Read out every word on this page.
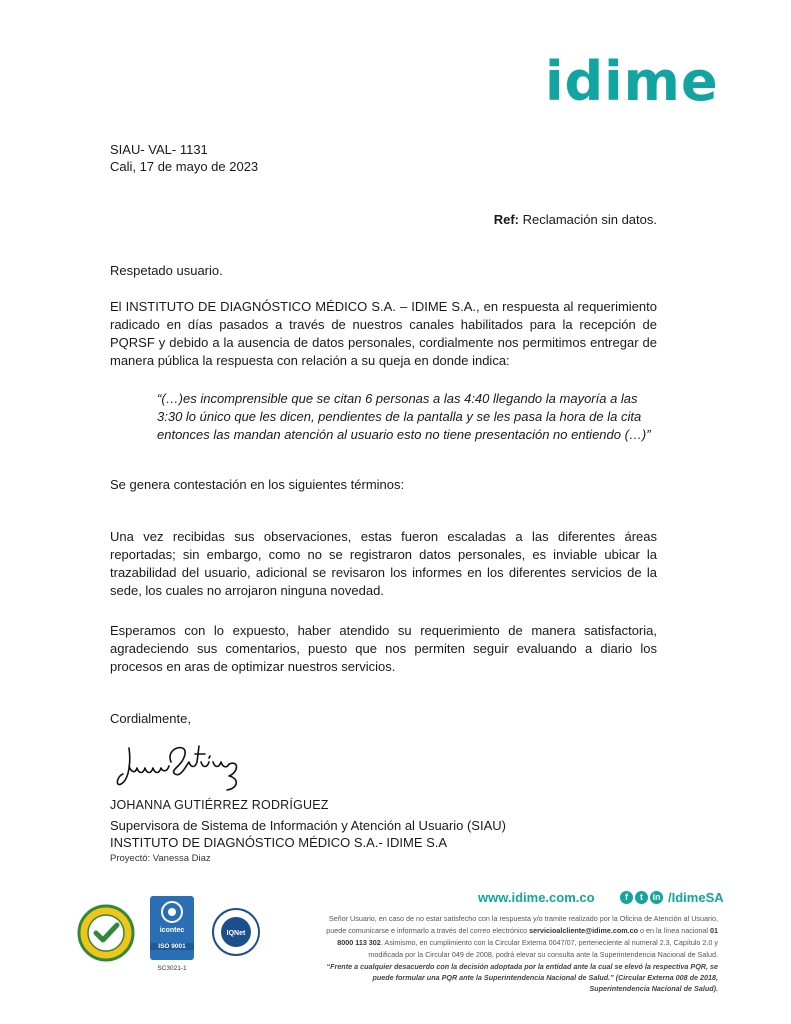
idime
SIAU- VAL- 1131
Cali, 17 de mayo de 2023
Ref: Reclamación sin datos.
Respetado usuario.
El INSTITUTO DE DIAGNÓSTICO MÉDICO S.A. – IDIME S.A., en respuesta al requerimiento radicado en días pasados a través de nuestros canales habilitados para la recepción de PQRSF y debido a la ausencia de datos personales, cordialmente nos permitimos entregar de manera pública la respuesta con relación a su queja en donde indica:
“(…)es incomprensible que se citan 6 personas a las 4:40 llegando la mayoría a las 3:30 lo único que les dicen, pendientes de la pantalla y se les pasa la hora de la cita entonces las mandan atención al usuario esto no tiene presentación no entiendo (…)”
Se genera contestación en los siguientes términos:
Una vez recibidas sus observaciones, estas fueron escaladas a las diferentes áreas reportadas; sin embargo, como no se registraron datos personales, es inviable ubicar la trazabilidad del usuario, adicional se revisaron los informes en los diferentes servicios de la sede, los cuales no arrojaron ninguna novedad.
Esperamos con lo expuesto, haber atendido su requerimiento de manera satisfactoria, agradeciendo sus comentarios, puesto que nos permiten seguir evaluando a diario los procesos en aras de optimizar nuestros servicios.
Cordialmente,
JOHANNA GUTIÉRREZ RODRÍGUEZ
Supervisora de Sistema de Información y Atención al Usuario (SIAU)
INSTITUTO DE DIAGNÓSTICO MÉDICO S.A.- IDIME S.A
Proyectó: Vanessa Diaz
www.idime.com.co	f	t	in /IdimeSA
Señor Usuario, en caso de no estar satisfecho con la respuesta y/o tramite realizado por la Oficina de Atención al Usuario, puede comunicarse e informarlo a través del correo electrónico servicioalcliente@idime.com.co o en la línea nacional 01 8000 113 302. Asimismo, en cumplimiento con la Circular Externa 0047/07, perteneciente al numeral 2.3, Capítulo 2.0 y modificada por la Circular 049 de 2008, podrá elevar su consulta ante la Superintendencia Nacional de Salud.
“Frente a cualquier desacuerdo con la decisión adoptada por la entidad ante la cual se elevó la respectiva PQR, se puede formular una PQR ante la Superintendencia Nacional de Salud.” (Circular Externa 008 de 2018, Superintendencia Nacional de Salud).
icontec
ISO 9001
SC3021-1
IQNet
